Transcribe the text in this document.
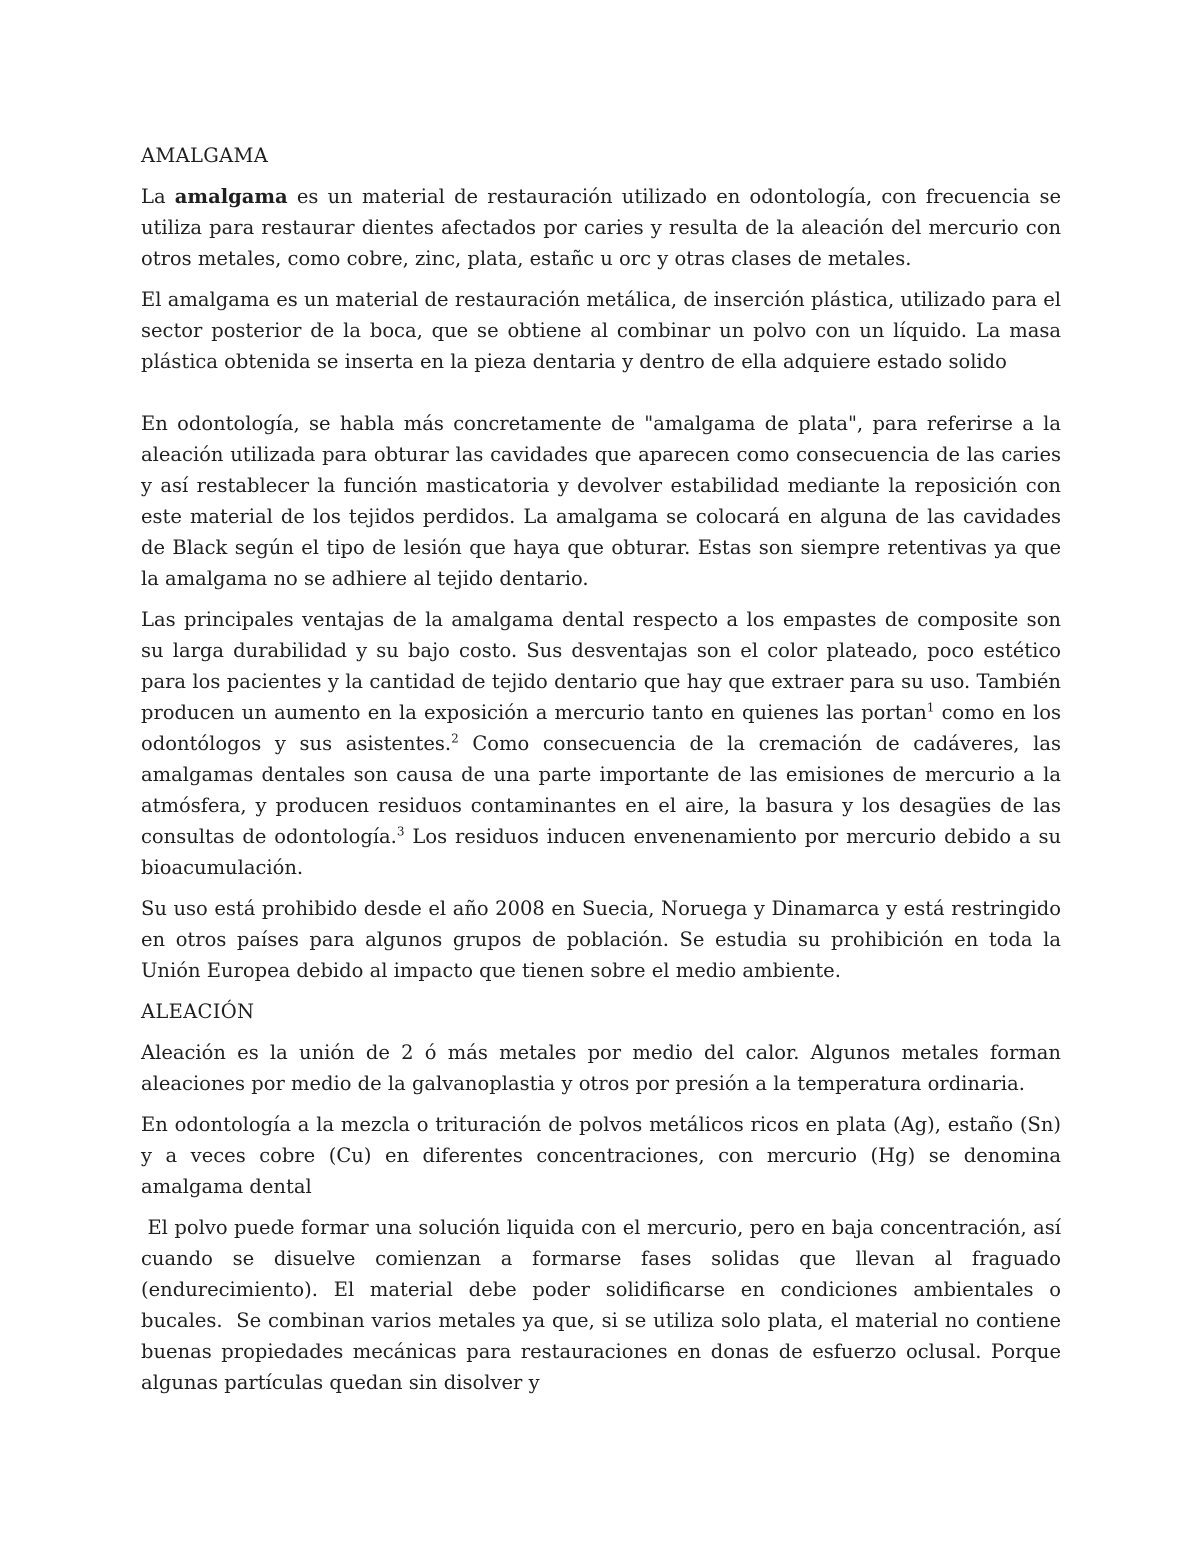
AMALGAMA

La amalgama es un material de restauración utilizado en odontología, con frecuencia se utiliza para restaurar dientes afectados por caries y resulta de la aleación del mercurio con otros metales, como cobre, zinc, plata, estañc u orc y otras clases de metales.

El amalgama es un material de restauración metálica, de inserción plástica, utilizado para el sector posterior de la boca, que se obtiene al combinar un polvo con un líquido. La masa plástica obtenida se inserta en la pieza dentaria y dentro de ella adquiere estado solido

En odontología, se habla más concretamente de "amalgama de plata", para referirse a la aleación utilizada para obturar las cavidades que aparecen como consecuencia de las caries y así restablecer la función masticatoria y devolver estabilidad mediante la reposición con este material de los tejidos perdidos. La amalgama se colocará en alguna de las cavidades de Black según el tipo de lesión que haya que obturar. Estas son siempre retentivas ya que la amalgama no se adhiere al tejido dentario.

Las principales ventajas de la amalgama dental respecto a los empastes de composite son su larga durabilidad y su bajo costo. Sus desventajas son el color plateado, poco estético para los pacientes y la cantidad de tejido dentario que hay que extraer para su uso. También producen un aumento en la exposición a mercurio tanto en quienes las portan$^1$ como en los odontólogos y sus asistentes.$^2$ Como consecuencia de la cremación de cadáveres, las amalgamas dentales son causa de una parte importante de las emisiones de mercurio a la atmósfera, y producen residuos contaminantes en el aire, la basura y los desagües de las consultas de odontología.$^3$ Los residuos inducen envenenamiento por mercurio debido a su bioacumulación.

Su uso está prohibido desde el año 2008 en Suecia, Noruega y Dinamarca y está restringido en otros países para algunos grupos de población. Se estudia su prohibición en toda la Unión Europea debido al impacto que tienen sobre el medio ambiente.

ALEACIÓN

Aleación es la unión de 2 ó más metales por medio del calor. Algunos metales forman aleaciones por medio de la galvanoplastia y otros por presión a la temperatura ordinaria.

En odontología a la mezcla o trituración de polvos metálicos ricos en plata (Ag), estaño (Sn) y a veces cobre (Cu) en diferentes concentraciones, con mercurio (Hg) se denomina amalgama dental

El polvo puede formar una solución liquida con el mercurio, pero en baja concentración, así cuando se disuelve comienzan a formarse fases solidas que llevan al fraguado (endurecimiento). El material debe poder solidificarse en condiciones ambientales o bucales.  Se combinan varios metales ya que, si se utiliza solo plata, el material no contiene buenas propiedades mecánicas para restauraciones en donas de esfuerzo oclusal. Porque algunas partículas quedan sin disolver y
